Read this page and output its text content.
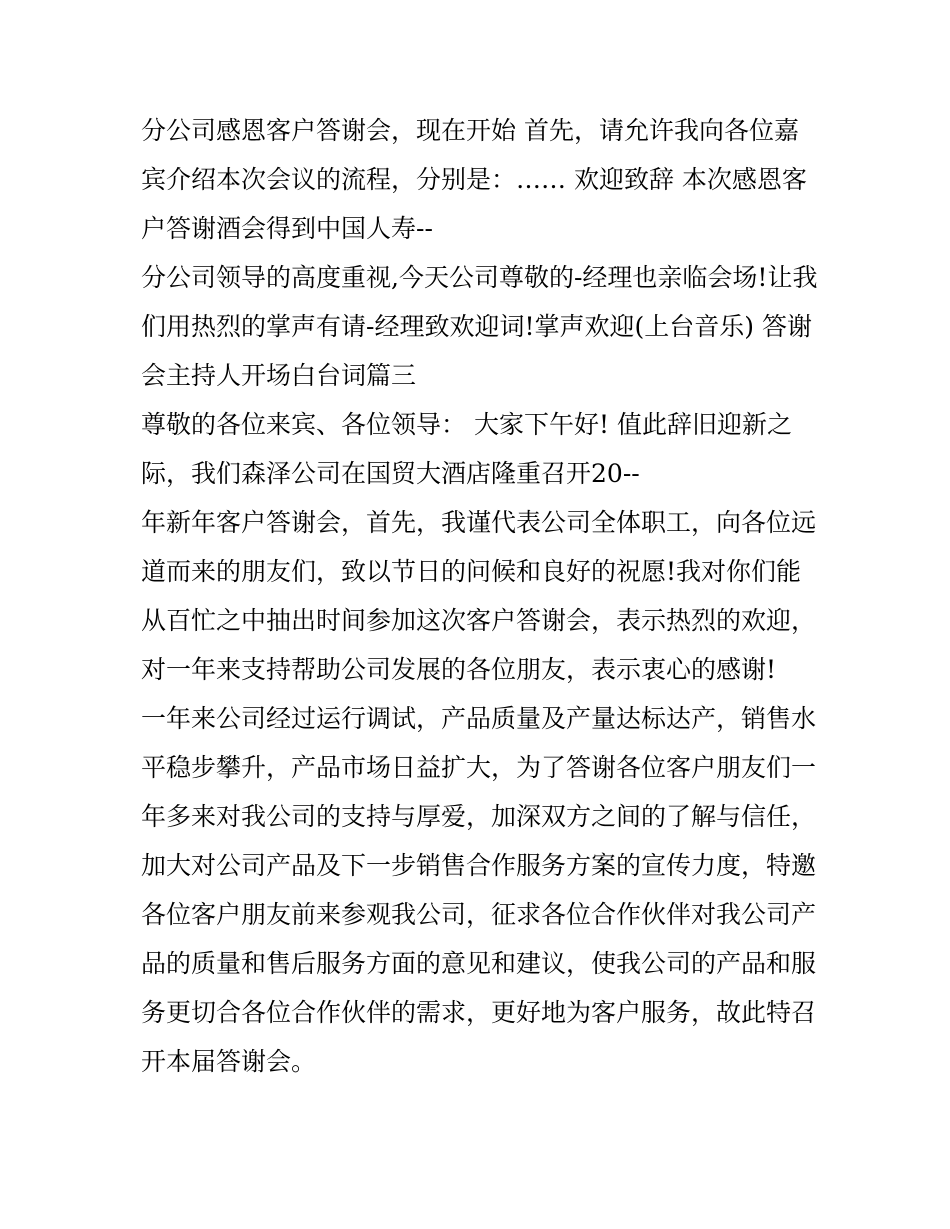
分公司感恩客户答谢会，现在开始 首先，请允许我向各位嘉
宾介绍本次会议的流程，分别是：…… 欢迎致辞 本次感恩客
户答谢酒会得到中国人寿--
分公司领导的高度重视,今天公司尊敬的-经理也亲临会场!让我
们用热烈的掌声有请-经理致欢迎词!掌声欢迎(上台音乐) 答谢
会主持人开场白台词篇三
尊敬的各位来宾、各位领导： 大家下午好! 值此辞旧迎新之
际，我们森泽公司在国贸大酒店隆重召开20--
年新年客户答谢会，首先，我谨代表公司全体职工，向各位远
道而来的朋友们，致以节日的问候和良好的祝愿!我对你们能
从百忙之中抽出时间参加这次客户答谢会，表示热烈的欢迎，
对一年来支持帮助公司发展的各位朋友，表示衷心的感谢!
一年来公司经过运行调试，产品质量及产量达标达产，销售水
平稳步攀升，产品市场日益扩大，为了答谢各位客户朋友们一
年多来对我公司的支持与厚爱，加深双方之间的了解与信任，
加大对公司产品及下一步销售合作服务方案的宣传力度，特邀
各位客户朋友前来参观我公司，征求各位合作伙伴对我公司产
品的质量和售后服务方面的意见和建议，使我公司的产品和服
务更切合各位合作伙伴的需求，更好地为客户服务，故此特召
开本届答谢会。
